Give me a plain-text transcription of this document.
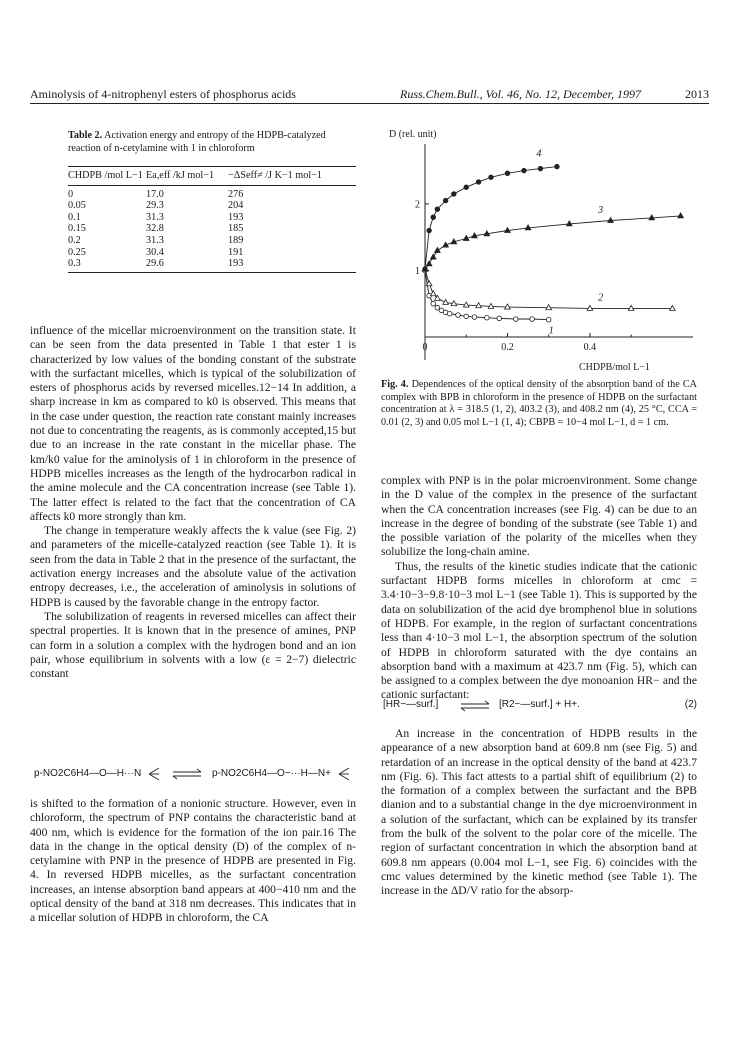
Aminolysis of 4-nitrophenyl esters of phosphorus acids	Russ.Chem.Bull., Vol. 46, No. 12, December, 1997	2013
Table 2. Activation energy and entropy of the HDPB-catalyzed reaction of n-cetylamine with 1 in chloroform
CHDPB /mol L−1	Ea,eff /kJ mol−1	−ΔSeff≠ /J K−1 mol−1
0	17.0	276
0.05	29.3	204
0.1	31.3	193
0.15	32.8	185
0.2	31.3	189
0.25	30.4	191
0.3	29.6	193

influence of the micellar microenvironment on the transition state. It can be seen from the data presented in Table 1 that ester 1 is characterized by low values of the bonding constant of the substrate with the surfactant micelles, which is typical of the solubilization of esters of phosphorus acids by reversed micelles.12−14 In addition, a sharp increase in km as compared to k0 is observed. This means that in the case under question, the reaction rate constant mainly increases not due to concentrating the reagents, as is commonly accepted,15 but due to an increase in the rate constant in the micellar phase. The km/k0 value for the aminolysis of 1 in chloroform in the presence of HDPB micelles increases as the length of the hydrocarbon radical in the amine molecule and the CA concentration increase (see Table 1). The latter effect is related to the fact that the concentration of CA affects k0 more strongly than km.

The change in temperature weakly affects the k value (see Fig. 2) and parameters of the micelle-catalyzed reaction (see Table 1). It is seen from the data in Table 2 that in the presence of the surfactant, the activation energy increases and the absolute value of the activation entropy decreases, i.e., the acceleration of aminolysis in solutions of HDPB is caused by the favorable change in the entropy factor.

The solubilization of reagents in reversed micelles can affect their spectral properties. It is known that in the presence of amines, PNP can form in a solution a complex with the hydrogen bond and an ion pair, whose equilibrium in solvents with a low (ε = 2−7) dielectric constant

p-NO2C6H4—O—H···N	p-NO2C6H4—O−···H—N+

is shifted to the formation of a nonionic structure. However, even in chloroform, the spectrum of PNP contains the characteristic band at 400 nm, which is evidence for the formation of the ion pair.16 The data in the change in the optical density (D) of the complex of n-cetylamine with PNP in the presence of HDPB are presented in Fig. 4. In reversed HDPB micelles, as the surfactant concentration increases, an intense absorption band appears at 400−410 nm and the optical density of the band at 318 nm decreases. This indicates that in a micellar solution of HDPB in chloroform, the CA

D (rel. unit)
0	0.2	0.4
1
2
CHDPB/mol L−1
1
2
3
4
Fig. 4. Dependences of the optical density of the absorption band of the CA complex with BPB in chloroform in the presence of HDPB on the surfactant concentration at λ = 318.5 (1, 2), 403.2 (3), and 408.2 nm (4), 25 °C, CCA = 0.01 (2, 3) and 0.05 mol L−1 (1, 4); CBPB = 10−4 mol L−1, d = 1 cm.

complex with PNP is in the polar microenvironment. Some change in the D value of the complex in the presence of the surfactant when the CA concentration increases (see Fig. 4) can be due to an increase in the degree of bonding of the substrate (see Table 1) and the possible variation of the polarity of the micelles when they solubilize the long-chain amine.

Thus, the results of the kinetic studies indicate that the cationic surfactant HDPB forms micelles in chloroform at cmc = 3.4·10−3−9.8·10−3 mol L−1 (see Table 1). This is supported by the data on solubilization of the acid dye bromphenol blue in solutions of HDPB. For example, in the region of surfactant concentrations less than 4·10−3 mol L−1, the absorption spectrum of the solution of HDPB in chloroform saturated with the dye contains an absorption band with a maximum at 423.7 nm (Fig. 5), which can be assigned to a complex between the dye monoanion HR− and the cationic surfactant:

[HR−—surf.] ⇌ [R2−—surf.] + H+.	(2)

An increase in the concentration of HDPB results in the appearance of a new absorption band at 609.8 nm (see Fig. 5) and retardation of an increase in the optical density of the band at 423.7 nm (Fig. 6). This fact attests to a partial shift of equilibrium (2) to the formation of a complex between the surfactant and the BPB dianion and to a substantial change in the dye microenvironment in a solution of the surfactant, which can be explained by its transfer from the bulk of the solvent to the polar core of the micelle. The region of surfactant concentration in which the absorption band at 609.8 nm appears (0.004 mol L−1, see Fig. 6) coincides with the cmc values determined by the kinetic method (see Table 1). The increase in the ΔD/V ratio for the absorp-
